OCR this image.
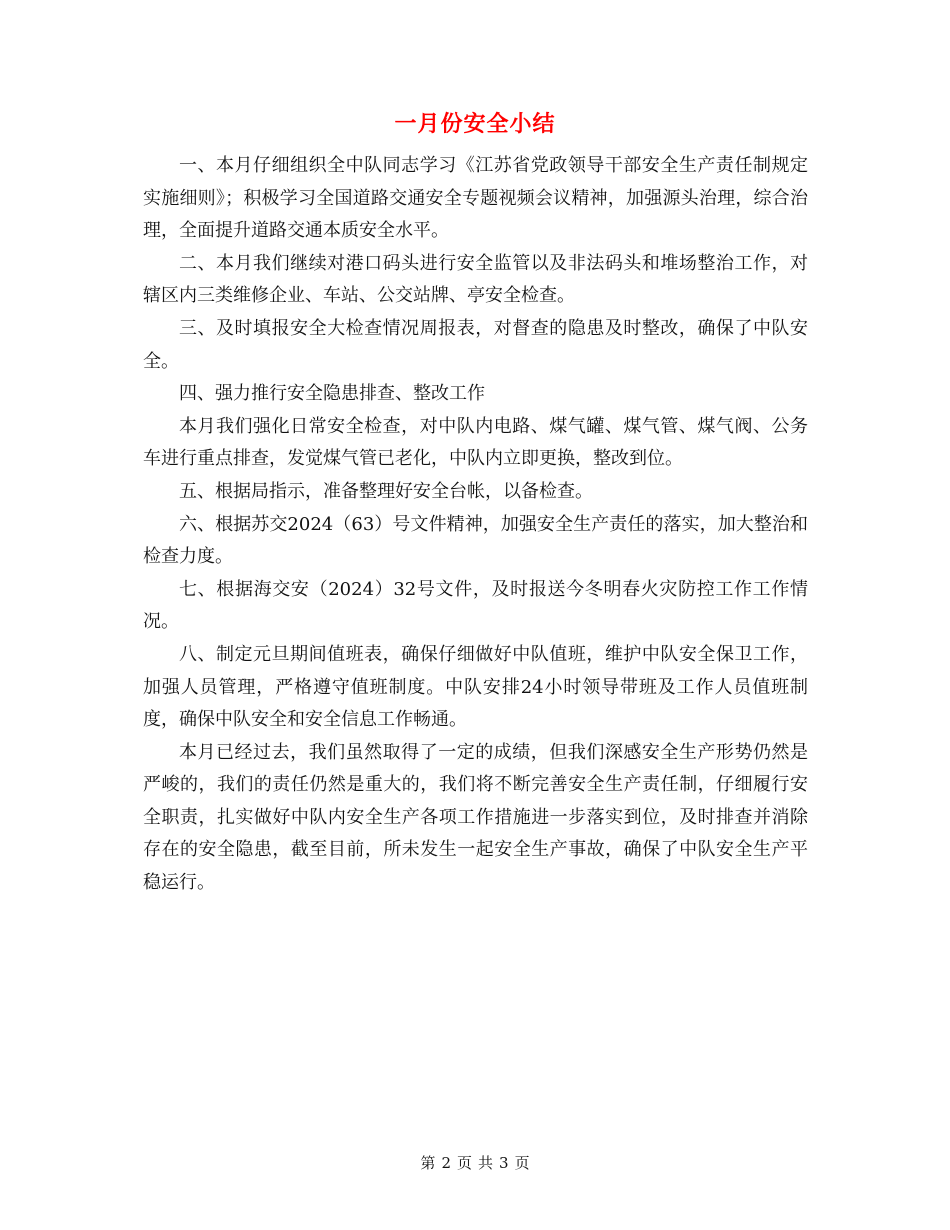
一月份安全小结

一、本月仔细组织全中队同志学习《江苏省党政领导干部安全生产责任制规定实施细则》；积极学习全国道路交通安全专题视频会议精神，加强源头治理，综合治理，全面提升道路交通本质安全水平。

二、本月我们继续对港口码头进行安全监管以及非法码头和堆场整治工作，对辖区内三类维修企业、车站、公交站牌、亭安全检查。

三、及时填报安全大检查情况周报表，对督查的隐患及时整改，确保了中队安全。

四、强力推行安全隐患排查、整改工作

本月我们强化日常安全检查，对中队内电路、煤气罐、煤气管、煤气阀、公务车进行重点排查，发觉煤气管已老化，中队内立即更换，整改到位。

五、根据局指示，准备整理好安全台帐，以备检查。

六、根据苏交2024（63）号文件精神，加强安全生产责任的落实，加大整治和检查力度。

七、根据海交安（2024）32号文件，及时报送今冬明春火灾防控工作工作情况。

八、制定元旦期间值班表，确保仔细做好中队值班，维护中队安全保卫工作，加强人员管理，严格遵守值班制度。中队安排24小时领导带班及工作人员值班制度，确保中队安全和安全信息工作畅通。

本月已经过去，我们虽然取得了一定的成绩，但我们深感安全生产形势仍然是严峻的，我们的责任仍然是重大的，我们将不断完善安全生产责任制，仔细履行安全职责，扎实做好中队内安全生产各项工作措施进一步落实到位，及时排查并消除存在的安全隐患，截至目前，所未发生一起安全生产事故，确保了中队安全生产平稳运行。

第 2 页 共 3 页
